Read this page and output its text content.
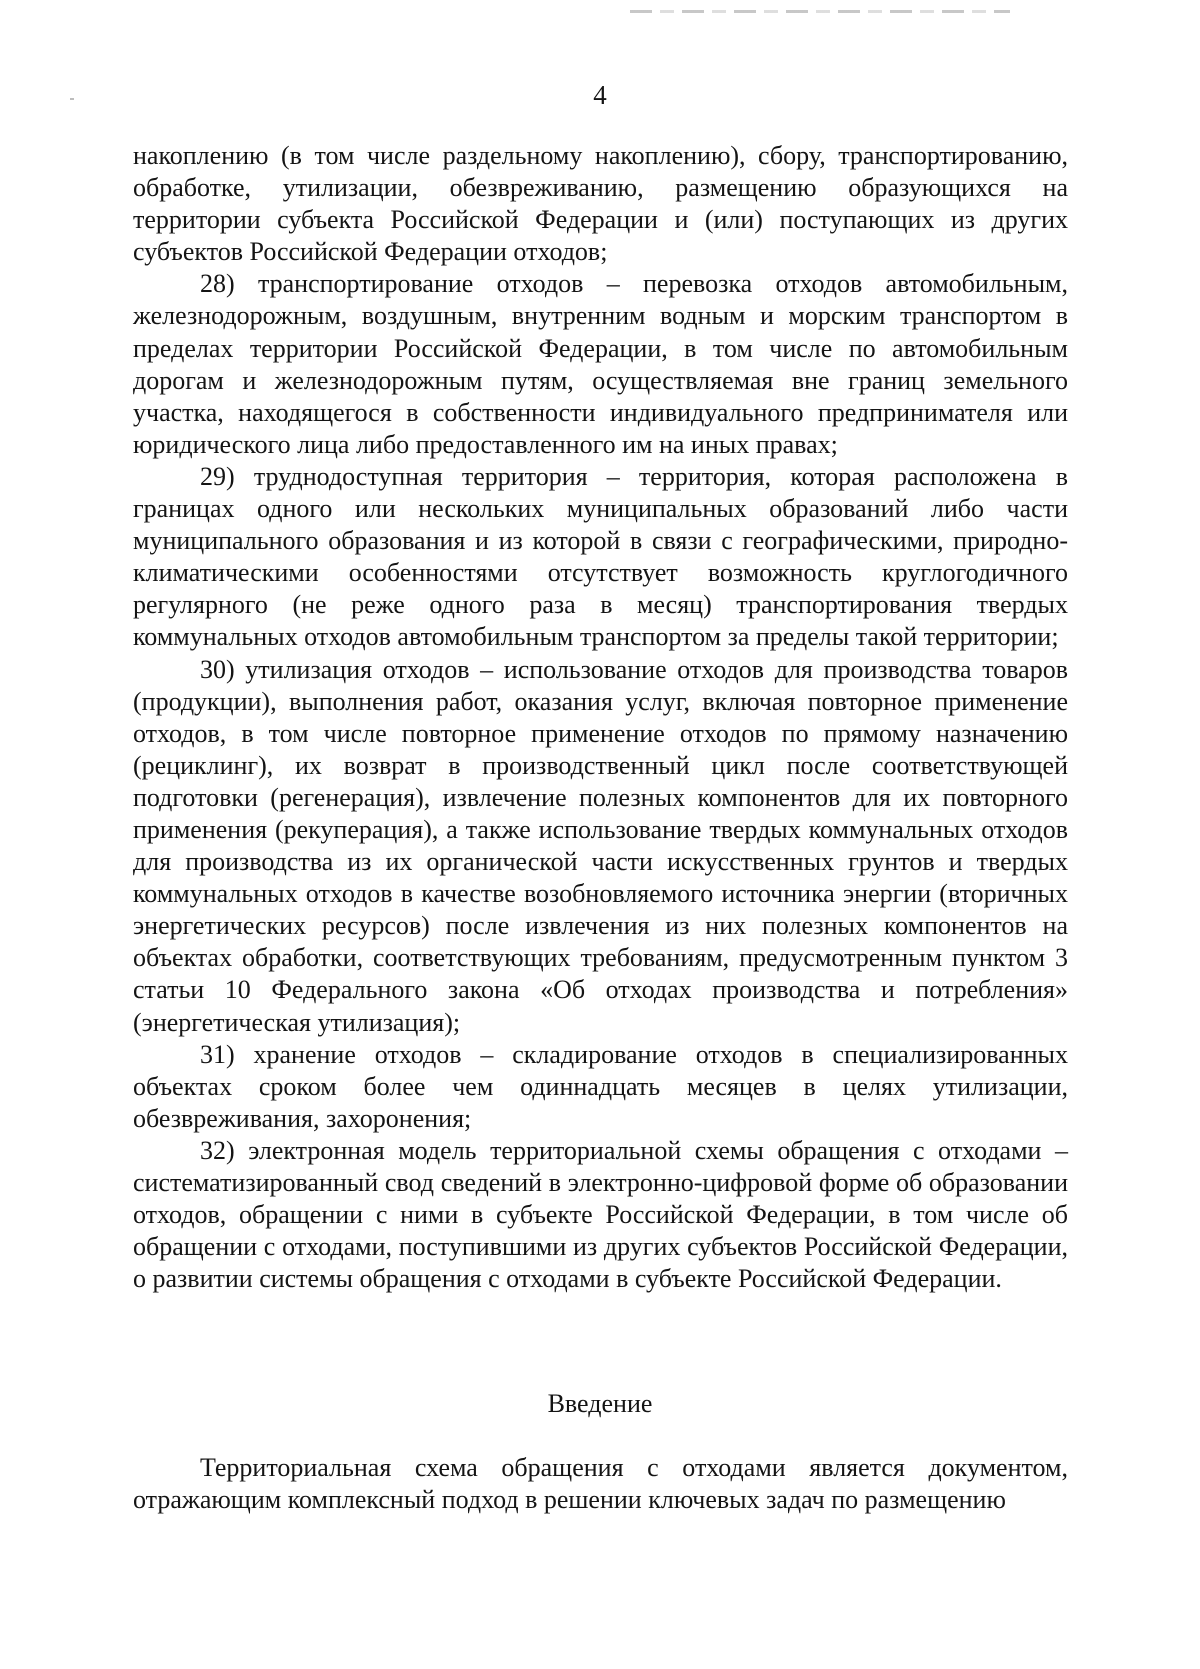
4

накоплению (в том числе раздельному накоплению), сбору, транспортированию, обработке, утилизации, обезвреживанию, размещению образующихся на территории субъекта Российской Федерации и (или) поступающих из других субъектов Российской Федерации отходов;

28) транспортирование отходов – перевозка отходов автомобильным, железнодорожным, воздушным, внутренним водным и морским транспортом в пределах территории Российской Федерации, в том числе по автомобильным дорогам и железнодорожным путям, осуществляемая вне границ земельного участка, находящегося в собственности индивидуального предпринимателя или юридического лица либо предоставленного им на иных правах;

29) труднодоступная территория – территория, которая расположена в границах одного или нескольких муниципальных образований либо части муниципального образования и из которой в связи с географическими, природно-климатическими особенностями отсутствует возможность круглогодичного регулярного (не реже одного раза в месяц) транспортирования твердых коммунальных отходов автомобильным транспортом за пределы такой территории;

30) утилизация отходов – использование отходов для производства товаров (продукции), выполнения работ, оказания услуг, включая повторное применение отходов, в том числе повторное применение отходов по прямому назначению (рециклинг), их возврат в производственный цикл после соответствующей подготовки (регенерация), извлечение полезных компонентов для их повторного применения (рекуперация), а также использование твердых коммунальных отходов для производства из их органической части искусственных грунтов и твердых коммунальных отходов в качестве возобновляемого источника энергии (вторичных энергетических ресурсов) после извлечения из них полезных компонентов на объектах обработки, соответствующих требованиям, предусмотренным пунктом 3 статьи 10 Федерального закона «Об отходах производства и потребления» (энергетическая утилизация);

31) хранение отходов – складирование отходов в специализированных объектах сроком более чем одиннадцать месяцев в целях утилизации, обезвреживания, захоронения;

32) электронная модель территориальной схемы обращения с отходами – систематизированный свод сведений в электронно-цифровой форме об образовании отходов, обращении с ними в субъекте Российской Федерации, в том числе об обращении с отходами, поступившими из других субъектов Российской Федерации, о развитии системы обращения с отходами в субъекте Российской Федерации.

Введение

Территориальная схема обращения с отходами является документом, отражающим комплексный подход в решении ключевых задач по размещению
